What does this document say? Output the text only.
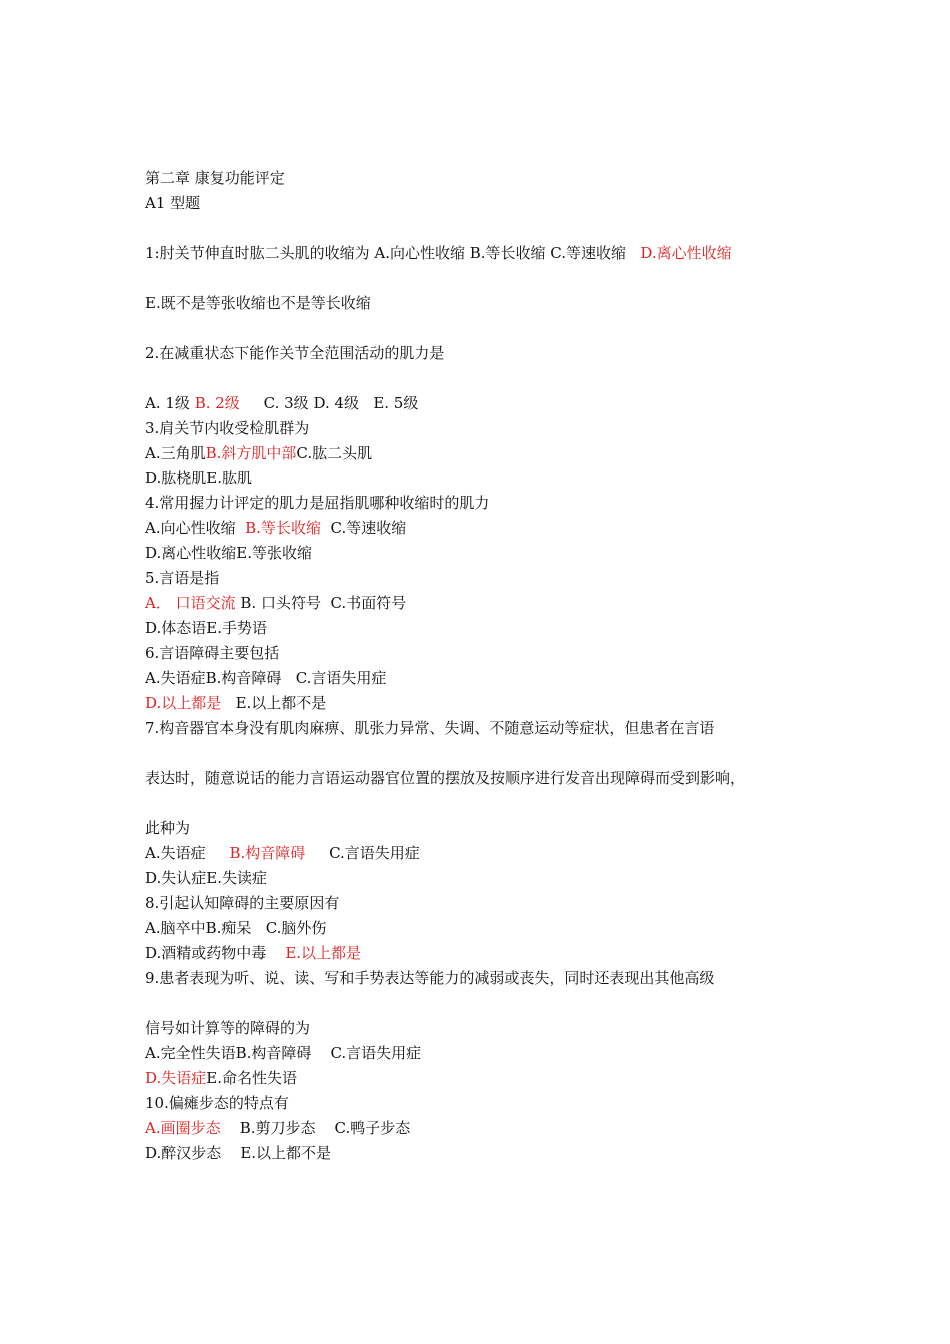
第二章 康复功能评定

A1 型题

1:肘关节伸直时肱二头肌的收缩为 A.向心性收缩 B.等长收缩 C.等速收缩 D.离心性收缩

E.既不是等张收缩也不是等长收缩

2.在减重状态下能作关节全范围活动的肌力是

A. 1级 B. 2级 C. 3级 D. 4级   E. 5级

3.肩关节内收受检肌群为

A.三角肌B.斜方肌中部C.肱二头肌

D.肱桡肌E.肱肌

4.常用握力计评定的肌力是屈指肌哪种收缩时的肌力

A.向心性收缩 B.等长收缩 C.等速收缩

D.离心性收缩E.等张收缩

5.言语是指

A． 口语交流 B. 口头符号  C.书面符号

D.体态语E.手势语

6.言语障碍主要包括

A.失语症B.构音障碍   C.言语失用症

D.以上都是 E.以上都不是

7.构音器官本身没有肌肉麻痹、肌张力异常、失调、不随意运动等症状，但患者在言语

表达时，随意说话的能力言语运动器官位置的摆放及按顺序进行发音出现障碍而受到影响，

此种为

A.失语症 B.构音障碍 C.言语失用症

D.失认症E.失读症

8.引起认知障碍的主要原因有

A.脑卒中B.痴呆   C.脑外伤

D.酒精或药物中毒 E.以上都是

9.患者表现为听、说、读、写和手势表达等能力的减弱或丧失，同时还表现出其他高级

信号如计算等的障碍的为

A.完全性失语B.构音障碍    C.言语失用症

D.失语症E.命名性失语

10.偏瘫步态的特点有

A.画圈步态 B.剪刀步态    C.鸭子步态

D.醉汉步态    E.以上都不是
